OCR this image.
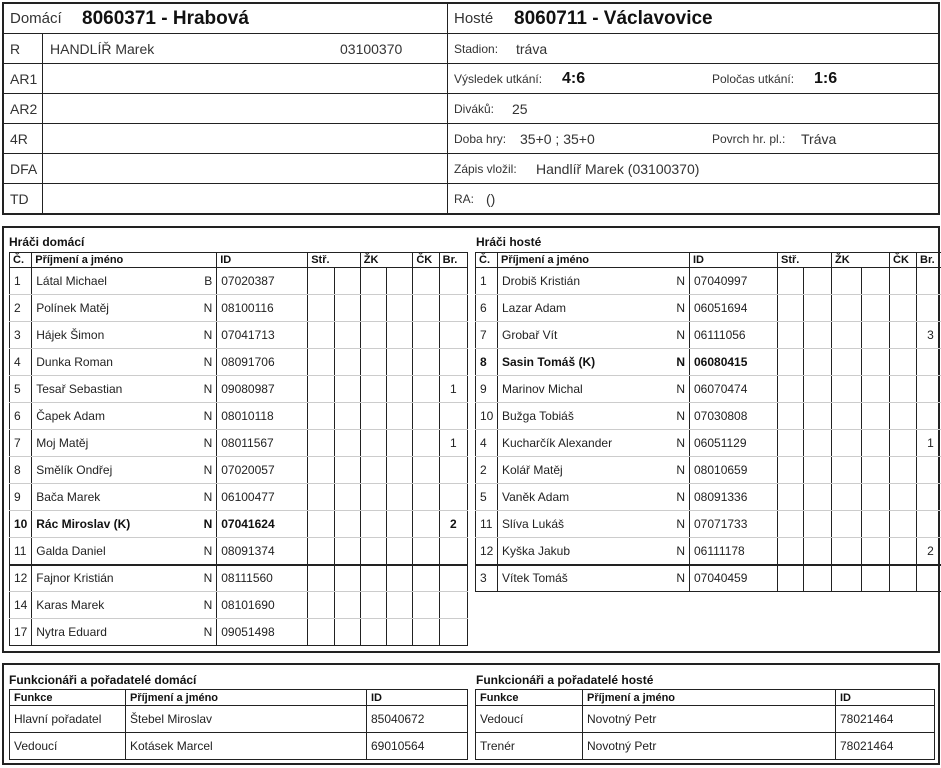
Domácí 8060371 - Hrabová
R HANDLÍŘ Marek	03100370
AR1
AR2
4R
DFA
TD
Hosté 8060711 - Václavovice
Stadion: tráva
Výsledek utkání: 4:6	Poločas utkání: 1:6
Diváků: 25
Doba hry: 35+0 ; 35+0	Povrch hr. pl.: Tráva
Zápis vložil: Handlíř Marek (03100370)
RA: ()
Hráči domácí
Č.	Příjmení a jméno	ID	Stř.		ŽK		ČK	Br.
1	Látal Michael B	07020387						
2	Polínek Matěj N	08100116						
3	Hájek Šimon N	07041713						
4	Dunka Roman N	08091706						
5	Tesař Sebastian N	09080987						1
6	Čapek Adam N	08010118						
7	Moj Matěj N	08011567						1
8	Smělík Ondřej N	07020057						
9	Bača Marek N	06100477						
10	Rác Miroslav (K) N	07041624						2
11	Galda Daniel N	08091374						
12	Fajnor Kristián N	08111560						
14	Karas Marek N	08101690						
17	Nytra Eduard N	09051498						
Hráči hosté
Č.	Příjmení a jméno	ID	Stř.		ŽK		ČK	Br.
1	Drobiš Kristián N	07040997						
6	Lazar Adam N	06051694						
7	Grobař Vít N	06111056						3
8	Sasin Tomáš (K) N	06080415						
9	Marinov Michal N	06070474						
10	Bužga Tobiáš N	07030808						
4	Kucharčík Alexander N	06051129						1
2	Kolář Matěj N	08010659						
5	Vaněk Adam N	08091336						
11	Slíva Lukáš N	07071733						
12	Kyška Jakub N	06111178						2
3	Vítek Tomáš N	07040459						
Funkcionáři a pořadatelé domácí
Funkce	Příjmení a jméno	ID
Hlavní pořadatel	Štebel Miroslav	85040672
Vedoucí	Kotásek Marcel	69010564
Funkcionáři a pořadatelé hosté
Funkce	Příjmení a jméno	ID
Vedoucí	Novotný Petr	78021464
Trenér	Novotný Petr	78021464
